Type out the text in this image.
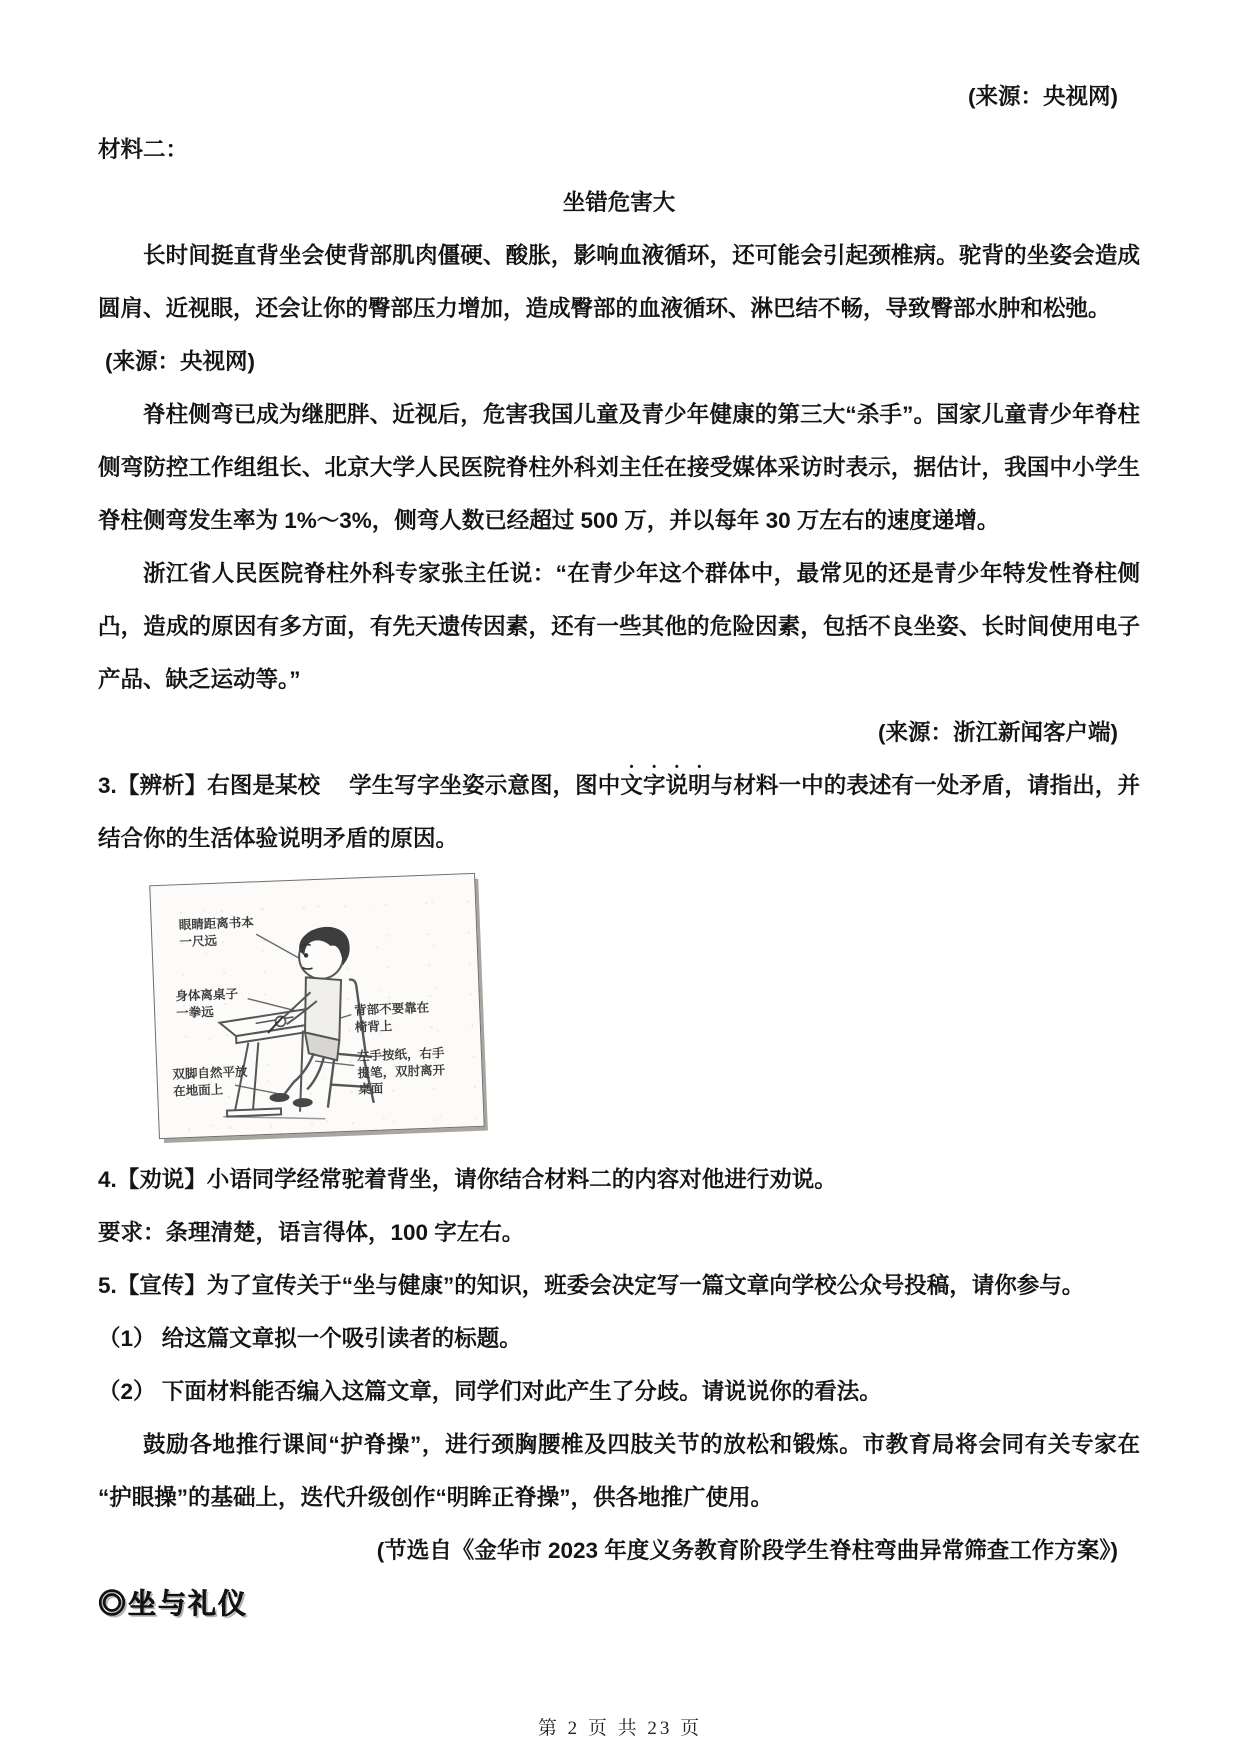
(来源：央视网)

材料二：

坐错危害大

长时间挺直背坐会使背部肌肉僵硬、酸胀，影响血液循环，还可能会引起颈椎病。驼背的坐姿会造成圆肩、近视眼，还会让你的臀部压力增加，造成臀部的血液循环、淋巴结不畅，导致臀部水肿和松弛。

(来源：央视网)

脊柱侧弯已成为继肥胖、近视后，危害我国儿童及青少年健康的第三大“杀手”。国家儿童青少年脊柱侧弯防控工作组组长、北京大学人民医院脊柱外科刘主任在接受媒体采访时表示，据估计，我国中小学生脊柱侧弯发生率为 1%～3%，侧弯人数已经超过 500 万，并以每年 30 万左右的速度递增。

浙江省人民医院脊柱外科专家张主任说：“在青少年这个群体中，最常见的还是青少年特发性脊柱侧凸，造成的原因有多方面，有先天遗传因素，还有一些其他的危险因素，包括不良坐姿、长时间使用电子产品、缺乏运动等。”

(来源：浙江新闻客户端)

3.【辨析】右图是某校　 学生写字坐姿示意图，图中文字说明与材料一中的表述有一处矛盾，请指出，并结合你的生活体验说明矛盾的原因。

眼睛距离书本
一尺远
身体离桌子
一拳远	背部不要靠在
椅背上
左手按纸，右手
提笔，双肘离开
桌面
双脚自然平放
在地面上

4.【劝说】小语同学经常驼着背坐，请你结合材料二的内容对他进行劝说。

要求：条理清楚，语言得体，100 字左右。

5.【宣传】为了宣传关于“坐与健康”的知识，班委会决定写一篇文章向学校公众号投稿，请你参与。

（1） 给这篇文章拟一个吸引读者的标题。

（2） 下面材料能否编入这篇文章，同学们对此产生了分歧。请说说你的看法。

鼓励各地推行课间“护脊操”，进行颈胸腰椎及四肢关节的放松和锻炼。市教育局将会同有关专家在“护眼操”的基础上，迭代升级创作“明眸正脊操”，供各地推广使用。

(节选自《金华市 2023 年度义务教育阶段学生脊柱弯曲异常筛查工作方案》)

◎坐与礼仪

第 2 页 共 23 页
